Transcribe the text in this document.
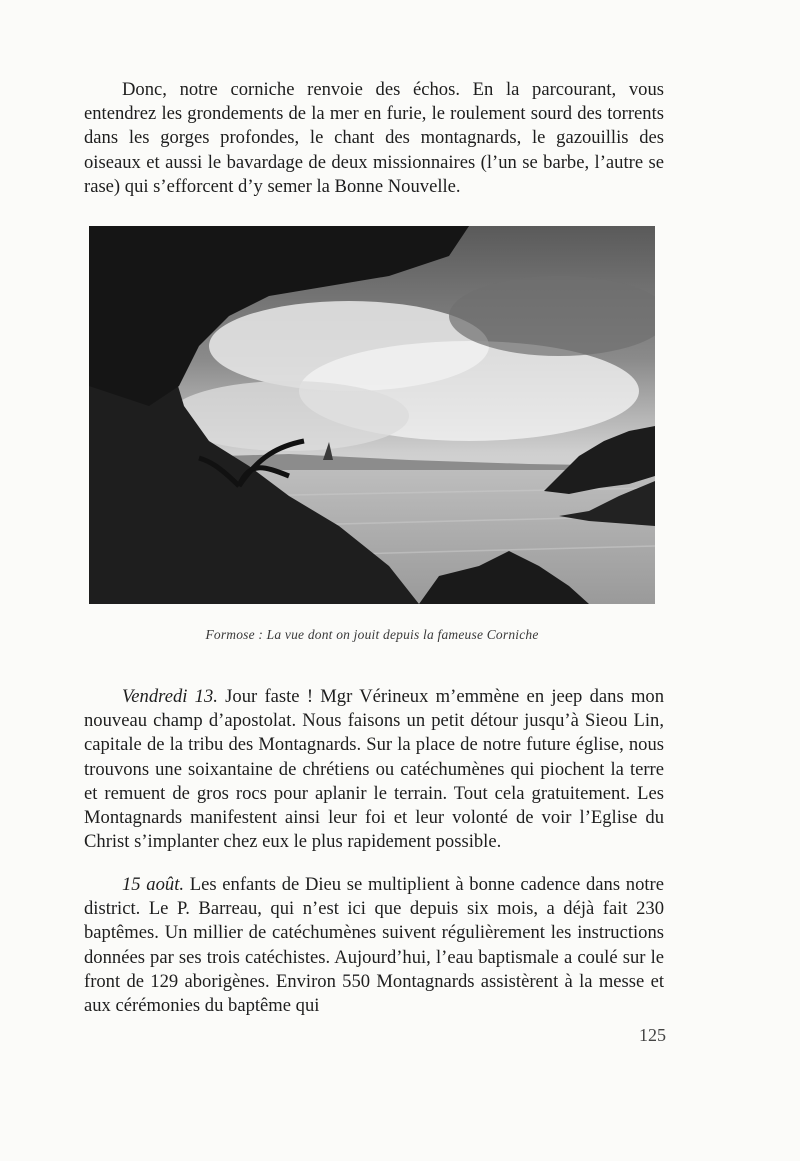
Donc, notre corniche renvoie des échos. En la parcourant, vous entendrez les grondements de la mer en furie, le roulement sourd des torrents dans les gorges profondes, le chant des montagnards, le gazouillis des oiseaux et aussi le bavardage de deux missionnaires (l’un se barbe, l’autre se rase) qui s’efforcent d’y semer la Bonne Nouvelle.

Formose : La vue dont on jouit depuis la fameuse Corniche

Vendredi 13. Jour faste ! Mgr Vérineux m’emmène en jeep dans mon nouveau champ d’apostolat. Nous faisons un petit détour jusqu’à Sieou Lin, capitale de la tribu des Montagnards. Sur la place de notre future église, nous trouvons une soixantaine de chrétiens ou catéchumènes qui piochent la terre et remuent de gros rocs pour aplanir le terrain. Tout cela gratuitement. Les Montagnards manifestent ainsi leur foi et leur volonté de voir l’Eglise du Christ s’implanter chez eux le plus rapidement possible.

15 août. Les enfants de Dieu se multiplient à bonne cadence dans notre district. Le P. Barreau, qui n’est ici que depuis six mois, a déjà fait 230 baptêmes. Un millier de catéchumènes suivent régulièrement les instructions données par ses trois catéchistes. Aujourd’hui, l’eau baptismale a coulé sur le front de 129 aborigènes. Environ 550 Montagnards assistèrent à la messe et aux cérémonies du baptême qui

125
